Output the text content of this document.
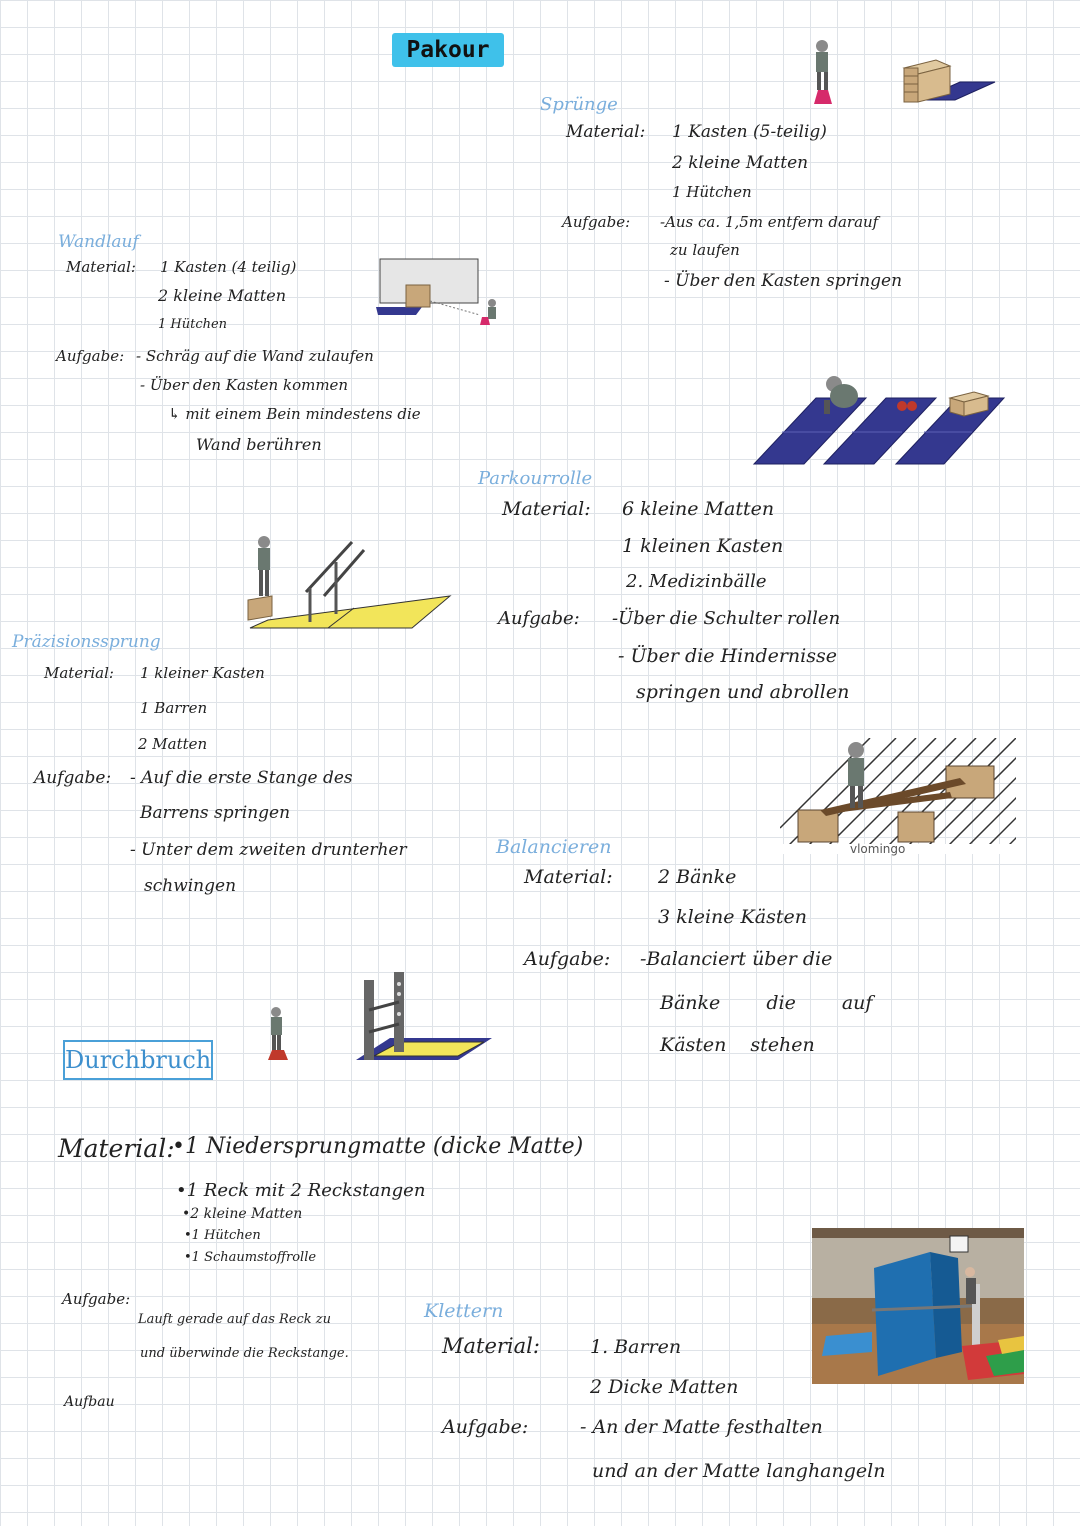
Pakour
Sprünge
Material: 1 Kasten (5-teilig)
2 kleine Matten
1 Hütchen
Aufgabe: -Aus ca. 1,5m entfern darauf
zu laufen
- Über den Kasten springen
Wandlauf
Material: 1 Kasten (4 teilig)
2 kleine Matten
1 Hütchen
Aufgabe: - Schräg auf die Wand zulaufen
- Über den Kasten kommen
↳ mit einem Bein mindestens die
Wand berühren
Parkourrolle
Material: 6 kleine Matten
1 kleinen Kasten
2. Medizinbälle
Aufgabe: -Über die Schulter rollen
- Über die Hindernisse
springen und abrollen
Präzisionssprung
Material: 1 kleiner Kasten
1 Barren
2 Matten
Aufgabe: - Auf die erste Stange des
Barrens springen
- Unter dem zweiten drunterher
schwingen
Balancieren
Material: 2 Bänke
3 kleine Kästen
Aufgabe: -Balanciert über die
Bänke die auf
Kästen stehen
vlomingo
Durchbruch
Material:
•1 Niedersprungmatte (dicke Matte)
•1 Reck mit 2 Reckstangen
•2 kleine Matten
•1 Hütchen
•1 Schaumstoffrolle
Aufgabe:
Lauft gerade auf das Reck zu
und überwinde die Reckstange.
Aufbau
Klettern
Material:	1. Barren
2 Dicke Matten
Aufgabe:	- An der Matte festhalten
und an der Matte langhangeln
